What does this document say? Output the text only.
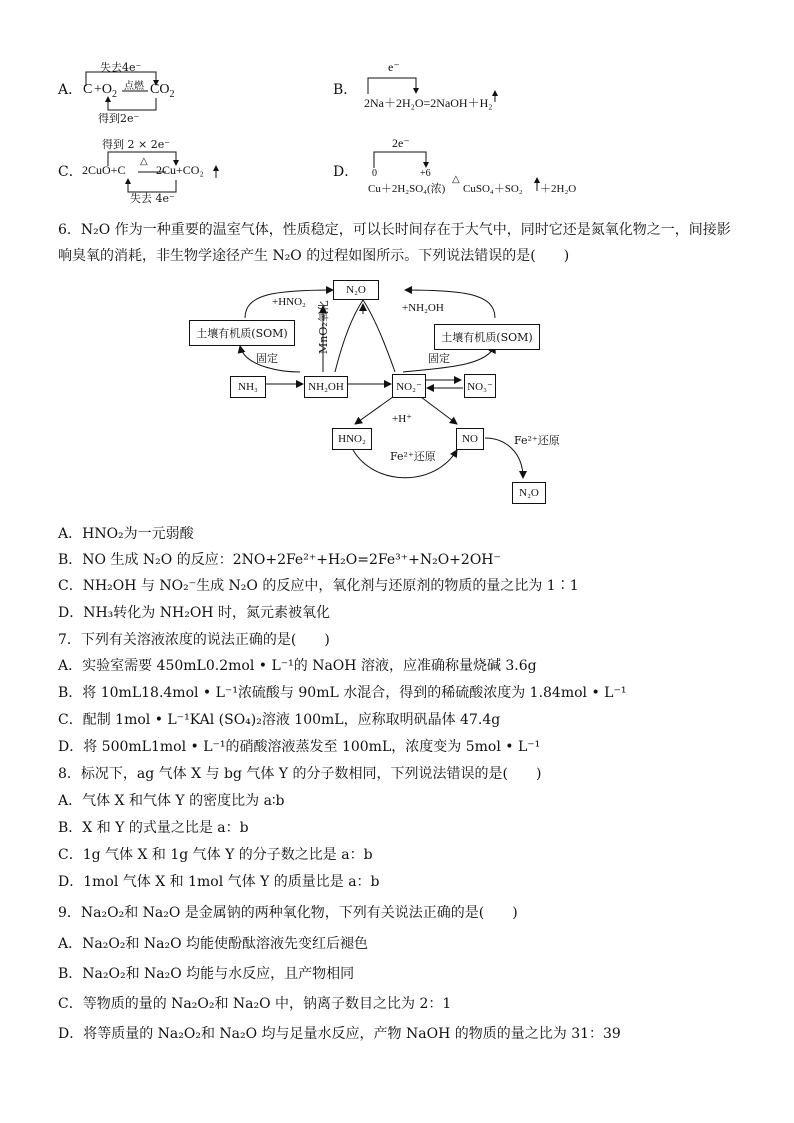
A．
失去4e⁻
$C +O_2$
点燃 $CO_2$
得到2e⁻
B．
e⁻
2Na＋2H₂O=2NaOH＋H₂
C．
得到 2 × 2e⁻
2CuO+C
△
2Cu+CO₂
失去 4e⁻
D．
2e⁻
0	+6
Cu＋2H₂SO₄(浓)
△
CuSO₄＋SO₂ ＋2H₂O
6．N₂O 作为一种重要的温室气体，性质稳定，可以长时间存在于大气中，同时它还是氮氧化物之一，间接影
响臭氧的消耗，非生物学途径产生 N₂O 的过程如图所示。下列说法错误的是(　　)
N₂O
土壤有机质(SOM)	土壤有机质(SOM)
+HNO₂	+NH₂OH
MnO₂氧化
固定	固定
NH₃	NH₂OH	NO₂⁻	NO₃⁻
+H⁺
HNO₂	NO
Fe²⁺还原
Fe²⁺还原
N₂O
A．HNO₂为一元弱酸
B．NO 生成 N₂O 的反应：2NO+2Fe²⁺+H₂O=2Fe³⁺+N₂O+2OH⁻
C．NH₂OH 与 NO₂⁻生成 N₂O 的反应中，氧化剂与还原剂的物质的量之比为 1∶1
D．NH₃转化为 NH₂OH 时，氮元素被氧化
7．下列有关溶液浓度的说法正确的是(　　)
A．实验室需要 450mL0.2mol • L⁻¹的 NaOH 溶液，应准确称量烧碱 3.6g
B．将 10mL18.4mol • L⁻¹浓硫酸与 90mL 水混合，得到的稀硫酸浓度为 1.84mol • L⁻¹
C．配制 1mol • L⁻¹KAl (SO₄)₂溶液 100mL，应称取明矾晶体 47.4g
D．将 500mL1mol • L⁻¹的硝酸溶液蒸发至 100mL，浓度变为 5mol • L⁻¹
8．标况下，ag 气体 X 与 bg 气体 Y 的分子数相同，下列说法错误的是(　　)
A．气体 X 和气体 Y 的密度比为 a∶b
B．X 和 Y 的式量之比是 a：b
C．1g 气体 X 和 1g 气体 Y 的分子数之比是 a：b
D．1mol 气体 X 和 1mol 气体 Y 的质量比是 a：b
9．Na₂O₂和 Na₂O 是金属钠的两种氧化物，下列有关说法正确的是(　　)
A．Na₂O₂和 Na₂O 均能使酚酞溶液先变红后褪色
B．Na₂O₂和 Na₂O 均能与水反应，且产物相同
C．等物质的量的 Na₂O₂和 Na₂O 中，钠离子数目之比为 2：1
D．将等质量的 Na₂O₂和 Na₂O 均与足量水反应，产物 NaOH 的物质的量之比为 31：39
